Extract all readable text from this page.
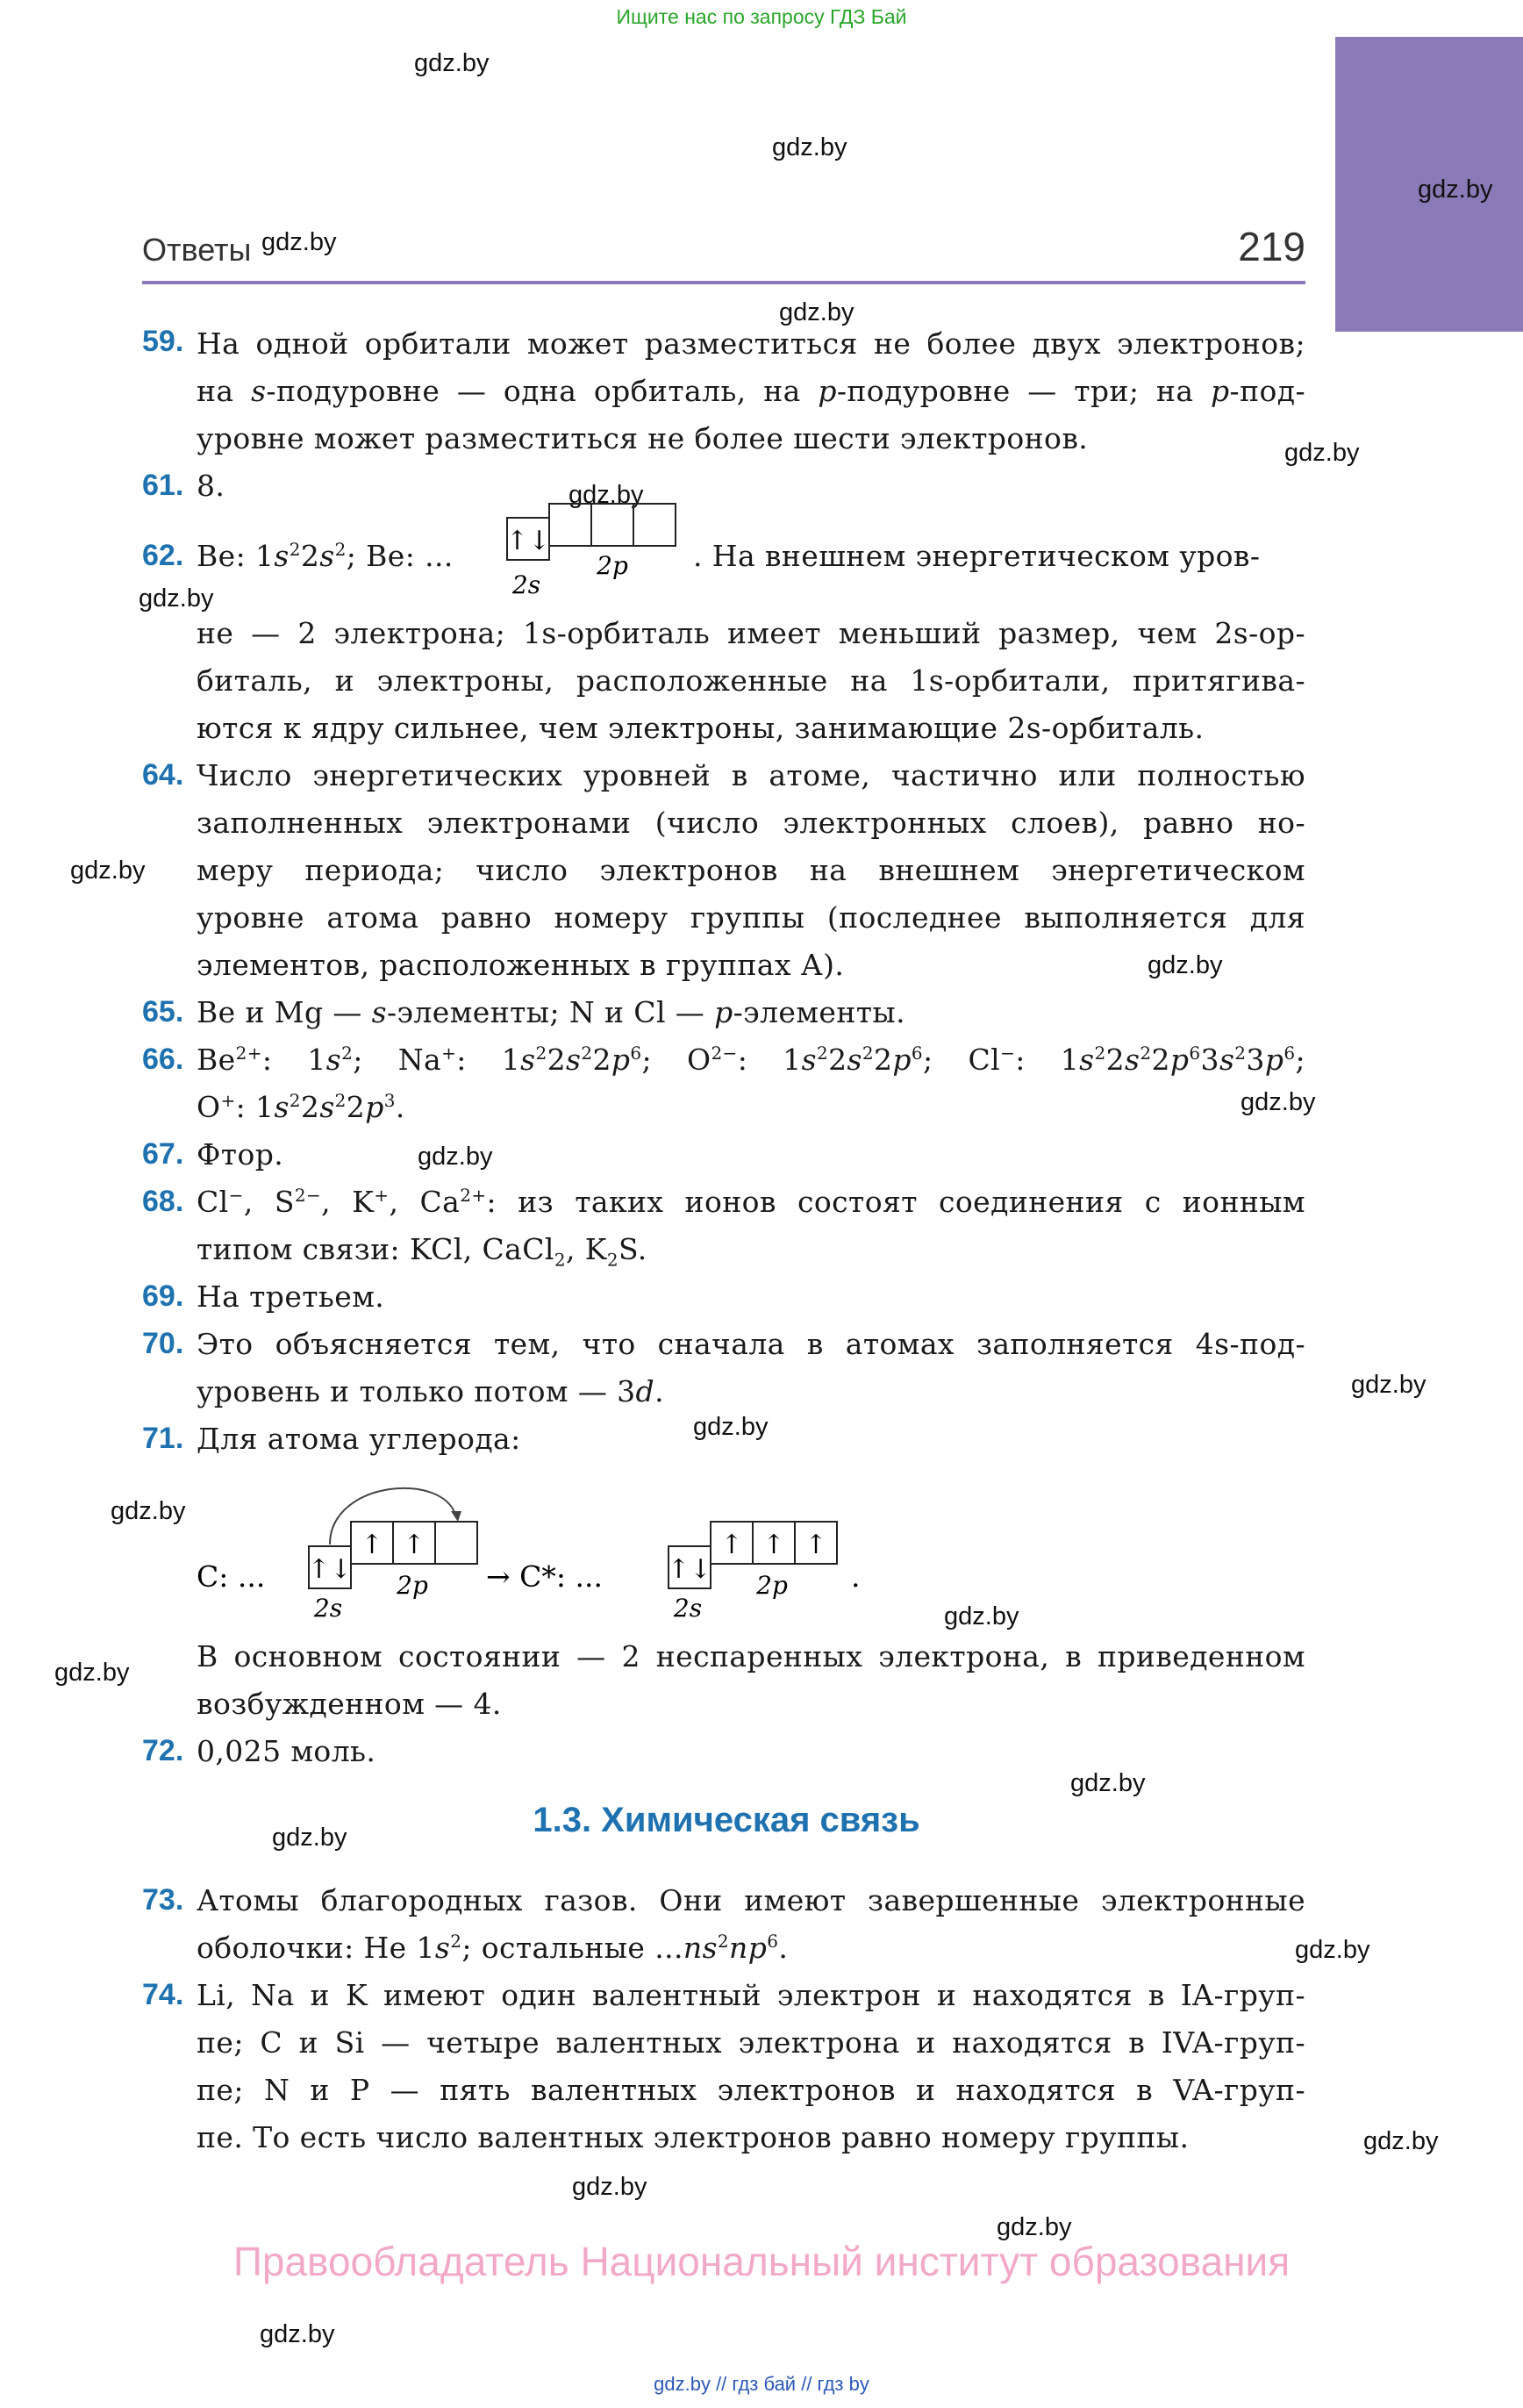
Ищите нас по запросу ГДЗ Бай
gdz.by
gdz.by
gdz.by
gdz.by
gdz.by
gdz.by
gdz.by
gdz.by
gdz.by
gdz.by
gdz.by
gdz.by
gdz.by
gdz.by
gdz.by
gdz.by
gdz.by
gdz.by
gdz.by
gdz.by
gdz.by
gdz.by
gdz.by
gdz.by
Ответы	219
59. На одной орбитали может разместиться не более двух электронов;
на s-подуровне — одна орбиталь, на p-подуровне — три; на p-под-
уровне может разместиться не более шести электронов.
61. 8.
62. Be: $1s^22s^2$; Be: ... ↑↓
2s
2p . На внешнем энергетическом уров-
не — 2 электрона; 1s-орбиталь имеет меньший размер, чем 2s-ор-
биталь, и электроны, расположенные на 1s-орбитали, притягива-
ются к ядру сильнее, чем электроны, занимающие 2s-орбиталь.
64. Число энергетических уровней в атоме, частично или полностью
заполненных электронами (число электронных слоев), равно но-
меру периода; число электронов на внешнем энергетическом
уровне атома равно номеру группы (последнее выполняется для
элементов, расположенных в группах А).
65. Be и Mg — s-элементы; N и Cl — p-элементы.
66. $Be^{2+}$: $1s^2$; Na+: $1s^22s^22p^6$; $O^{2-}$: $1s^22s^22p^6$; Cl−: $1s^22s^22p^63s^23p^6$;
O+: $1s^22s^22p^3$.
67. Фтор.
68. Cl−, $S^{2-}$, K+, $Ca^{2+}$: из таких ионов состоят соединения с ионным
типом связи: KCl, CaCl$_2$, $K_2S$.
69. На третьем.
70. Это объясняется тем, что сначала в атомах заполняется 4s-под-
уровень и только потом — 3d.
71. Для атома углерода:
C: ... ↑↓
↑ ↑
2s
2p → C*: ... ↑↓
↑ ↑ ↑
2s
2p .
В основном состоянии — 2 неспаренных электрона, в приведенном
возбужденном — 4.
72. 0,025 моль.
1.3. Химическая связь
73. Атомы благородных газов. Они имеют завершенные электронные
оболочки: He $1s^2$; остальные $...ns^2np^6$.
74. Li, Na и K имеют один валентный электрон и находятся в IA-груп-
пе; C и Si — четыре валентных электрона и находятся в IVA-груп-
пе; N и P — пять валентных электронов и находятся в VA-груп-
пе. То есть число валентных электронов равно номеру группы.
Правообладатель Национальный институт образования
gdz.by // гдз бай // гдз by
